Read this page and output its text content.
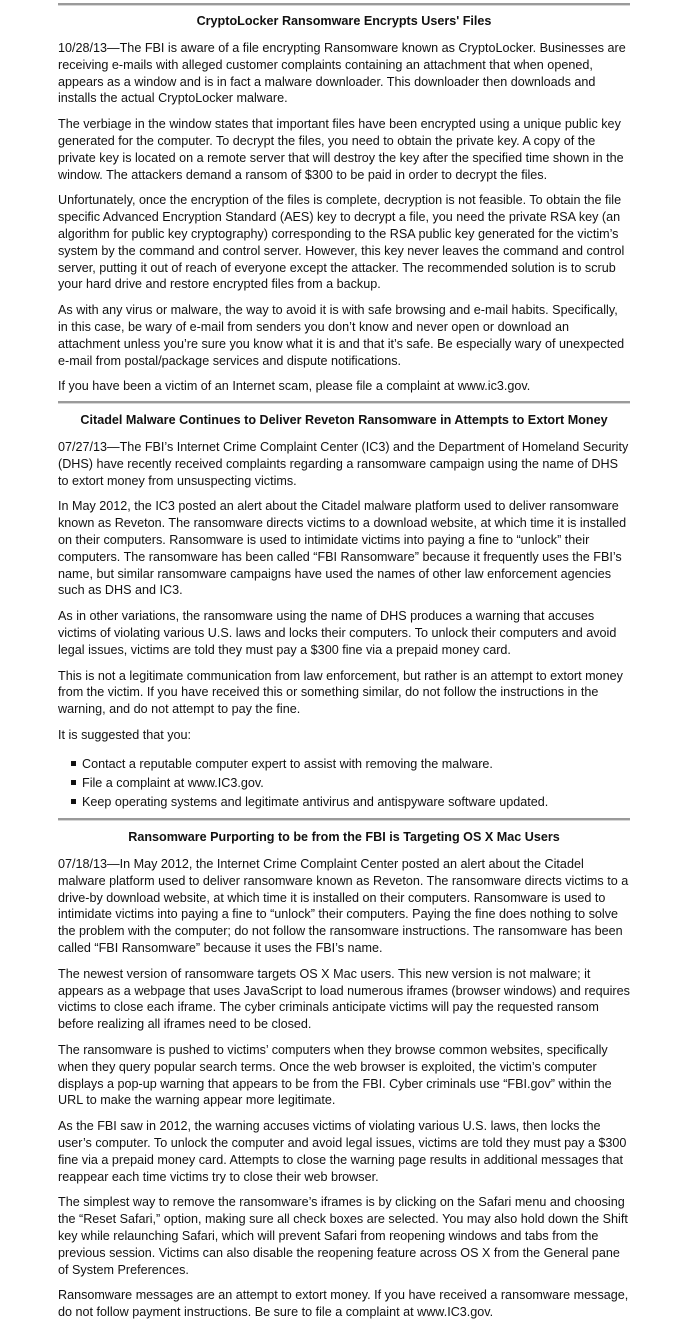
CryptoLocker Ransomware Encrypts Users' Files

10/28/13—The FBI is aware of a file encrypting Ransomware known as CryptoLocker. Businesses are receiving e-mails with alleged customer complaints containing an attachment that when opened, appears as a window and is in fact a malware downloader. This downloader then downloads and installs the actual CryptoLocker malware.

The verbiage in the window states that important files have been encrypted using a unique public key generated for the computer. To decrypt the files, you need to obtain the private key. A copy of the private key is located on a remote server that will destroy the key after the specified time shown in the window. The attackers demand a ransom of $300 to be paid in order to decrypt the files.

Unfortunately, once the encryption of the files is complete, decryption is not feasible. To obtain the file specific Advanced Encryption Standard (AES) key to decrypt a file, you need the private RSA key (an algorithm for public key cryptography) corresponding to the RSA public key generated for the victim’s system by the command and control server. However, this key never leaves the command and control server, putting it out of reach of everyone except the attacker. The recommended solution is to scrub your hard drive and restore encrypted files from a backup.

As with any virus or malware, the way to avoid it is with safe browsing and e-mail habits. Specifically, in this case, be wary of e-mail from senders you don’t know and never open or download an attachment unless you’re sure you know what it is and that it’s safe. Be especially wary of unexpected e-mail from postal/package services and dispute notifications.

If you have been a victim of an Internet scam, please file a complaint at www.ic3.gov.

Citadel Malware Continues to Deliver Reveton Ransomware in Attempts to Extort Money

07/27/13—The FBI’s Internet Crime Complaint Center (IC3) and the Department of Homeland Security (DHS) have recently received complaints regarding a ransomware campaign using the name of DHS to extort money from unsuspecting victims.

In May 2012, the IC3 posted an alert about the Citadel malware platform used to deliver ransomware known as Reveton. The ransomware directs victims to a download website, at which time it is installed on their computers. Ransomware is used to intimidate victims into paying a fine to “unlock” their computers. The ransomware has been called “FBI Ransomware” because it frequently uses the FBI’s name, but similar ransomware campaigns have used the names of other law enforcement agencies such as DHS and IC3.

As in other variations, the ransomware using the name of DHS produces a warning that accuses victims of violating various U.S. laws and locks their computers. To unlock their computers and avoid legal issues, victims are told they must pay a $300 fine via a prepaid money card.

This is not a legitimate communication from law enforcement, but rather is an attempt to extort money from the victim. If you have received this or something similar, do not follow the instructions in the warning, and do not attempt to pay the fine.

It is suggested that you:

Contact a reputable computer expert to assist with removing the malware.
File a complaint at www.IC3.gov.
Keep operating systems and legitimate antivirus and antispyware software updated.
Ransomware Purporting to be from the FBI is Targeting OS X Mac Users

07/18/13—In May 2012, the Internet Crime Complaint Center posted an alert about the Citadel malware platform used to deliver ransomware known as Reveton. The ransomware directs victims to a drive-by download website, at which time it is installed on their computers. Ransomware is used to intimidate victims into paying a fine to “unlock” their computers. Paying the fine does nothing to solve the problem with the computer; do not follow the ransomware instructions. The ransomware has been called “FBI Ransomware” because it uses the FBI’s name.

The newest version of ransomware targets OS X Mac users. This new version is not malware; it appears as a webpage that uses JavaScript to load numerous iframes (browser windows) and requires victims to close each iframe. The cyber criminals anticipate victims will pay the requested ransom before realizing all iframes need to be closed.

The ransomware is pushed to victims’ computers when they browse common websites, specifically when they query popular search terms. Once the web browser is exploited, the victim’s computer displays a pop-up warning that appears to be from the FBI. Cyber criminals use “FBI.gov” within the URL to make the warning appear more legitimate.

As the FBI saw in 2012, the warning accuses victims of violating various U.S. laws, then locks the user’s computer. To unlock the computer and avoid legal issues, victims are told they must pay a $300 fine via a prepaid money card. Attempts to close the warning page results in additional messages that reappear each time victims try to close their web browser.

The simplest way to remove the ransomware’s iframes is by clicking on the Safari menu and choosing the “Reset Safari,” option, making sure all check boxes are selected. You may also hold down the Shift key while relaunching Safari, which will prevent Safari from reopening windows and tabs from the previous session. Victims can also disable the reopening feature across OS X from the General pane of System Preferences.

Ransomware messages are an attempt to extort money. If you have received a ransomware message, do not follow payment instructions. Be sure to file a complaint at www.IC3.gov.
